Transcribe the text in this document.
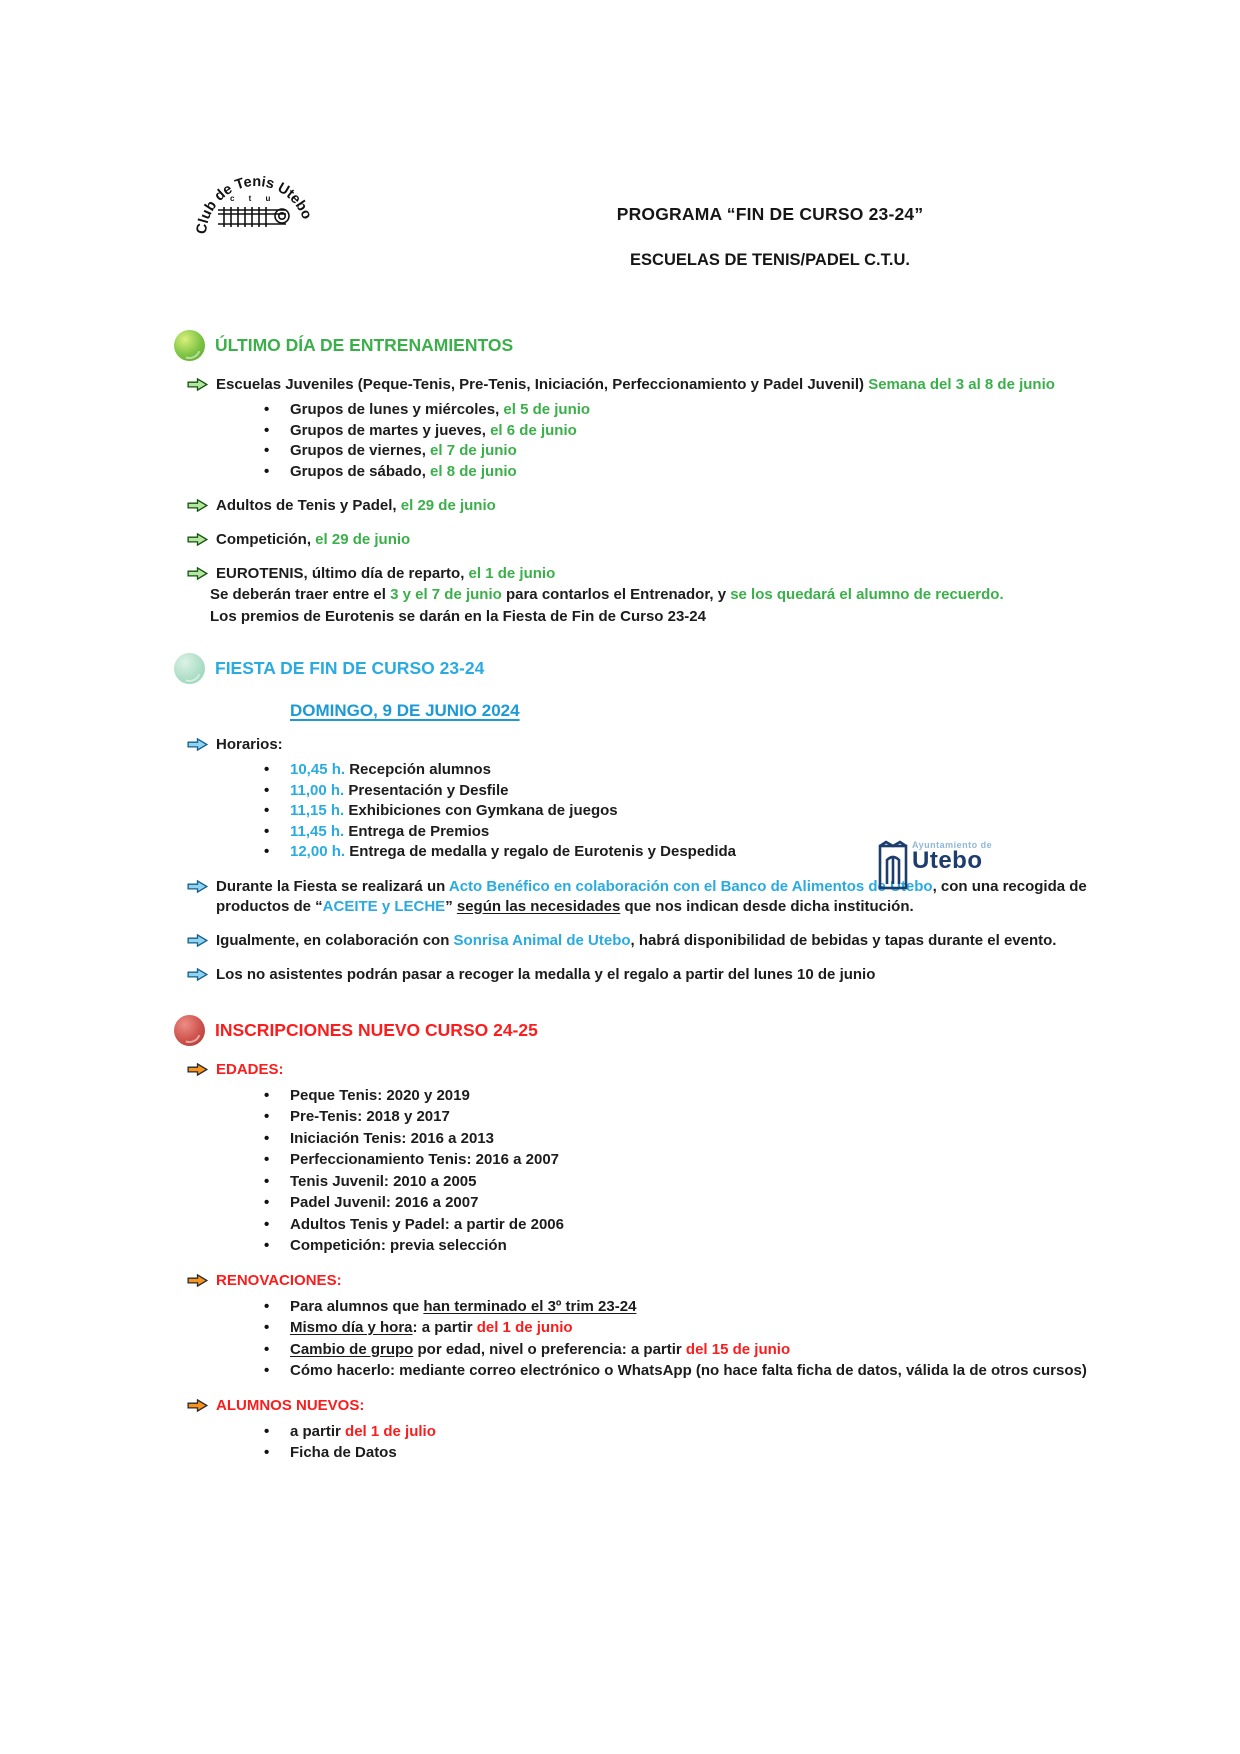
Club de Tenis Utebo
c t u
PROGRAMA “FIN DE CURSO 23-24”
ESCUELAS DE TENIS/PADEL C.T.U.
ÚLTIMO DÍA DE ENTRENAMIENTOS
Escuelas Juveniles (Peque-Tenis, Pre-Tenis, Iniciación, Perfeccionamiento y Padel Juvenil) Semana del 3 al 8 de junio
•	Grupos de lunes y miércoles, el 5 de junio
•	Grupos de martes y jueves, el 6 de junio
•	Grupos de viernes, el 7 de junio
•	Grupos de sábado, el 8 de junio
Adultos de Tenis y Padel, el 29 de junio
Competición, el 29 de junio
EUROTENIS, último día de reparto, el 1 de junio
Se deberán traer entre el 3 y el 7 de junio para contarlos el Entrenador, y se los quedará el alumno de recuerdo.
Los premios de Eurotenis se darán en la Fiesta de Fin de Curso 23-24
FIESTA DE FIN DE CURSO 23-24
DOMINGO, 9 DE JUNIO 2024
Horarios:
•	10,45 h. Recepción alumnos
•	11,00 h. Presentación y Desfile
•	11,15 h. Exhibiciones con Gymkana de juegos
•	11,45 h. Entrega de Premios
•	12,00 h. Entrega de medalla y regalo de Eurotenis y Despedida
Durante la Fiesta se realizará un Acto Benéfico en colaboración con el Banco de Alimentos de Utebo, con una recogida de
productos de “ACEITE y LECHE” según las necesidades que nos indican desde dicha institución.
Igualmente, en colaboración con Sonrisa Animal de Utebo, habrá disponibilidad de bebidas y tapas durante el evento.
Los no asistentes podrán pasar a recoger la medalla y el regalo a partir del lunes 10 de junio
INSCRIPCIONES NUEVO CURSO 24-25
EDADES:
•	Peque Tenis: 2020 y 2019
•	Pre-Tenis: 2018 y 2017
•	Iniciación Tenis: 2016 a 2013
•	Perfeccionamiento Tenis: 2016 a 2007
•	Tenis Juvenil: 2010 a 2005
•	Padel Juvenil: 2016 a 2007
•	Adultos Tenis y Padel: a partir de 2006
•	Competición: previa selección
RENOVACIONES:
•	Para alumnos que han terminado el 3º trim 23-24
•	Mismo día y hora: a partir del 1 de junio
•	Cambio de grupo por edad, nivel o preferencia: a partir del 15 de junio
•	Cómo hacerlo: mediante correo electrónico o WhatsApp (no hace falta ficha de datos, válida la de otros cursos)
ALUMNOS NUEVOS:
•	a partir del 1 de julio
•	Ficha de Datos
Ayuntamiento de
Utebo
